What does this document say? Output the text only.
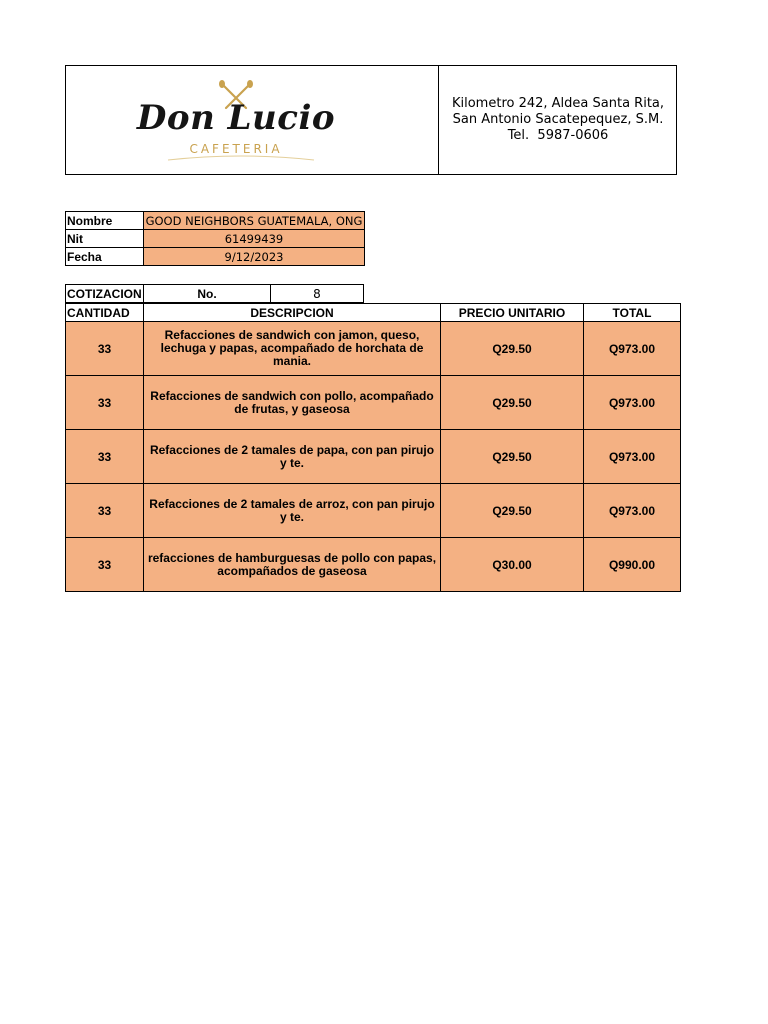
Don Lucio
CAFETERIA
Kilometro 242, Aldea Santa Rita,
San Antonio Sacatepequez, S.M.
Tel.  5987-0606
Nombre	GOOD NEIGHBORS GUATEMALA, ONG
Nit	61499439
Fecha	9/12/2023
COTIZACION	No.	8
CANTIDAD	DESCRIPCION	PRECIO UNITARIO	TOTAL
33	Refacciones de sandwich con jamon, queso, lechuga y papas, acompañado de horchata de mania.	Q29.50	Q973.00
33	Refacciones de sandwich con pollo, acompañado de frutas, y gaseosa	Q29.50	Q973.00
33	Refacciones de 2 tamales de papa, con pan pirujo y te.	Q29.50	Q973.00
33	Refacciones de 2 tamales de arroz, con pan pirujo y te.	Q29.50	Q973.00
33	refacciones de hamburguesas de pollo con papas, acompañados de gaseosa	Q30.00	Q990.00
